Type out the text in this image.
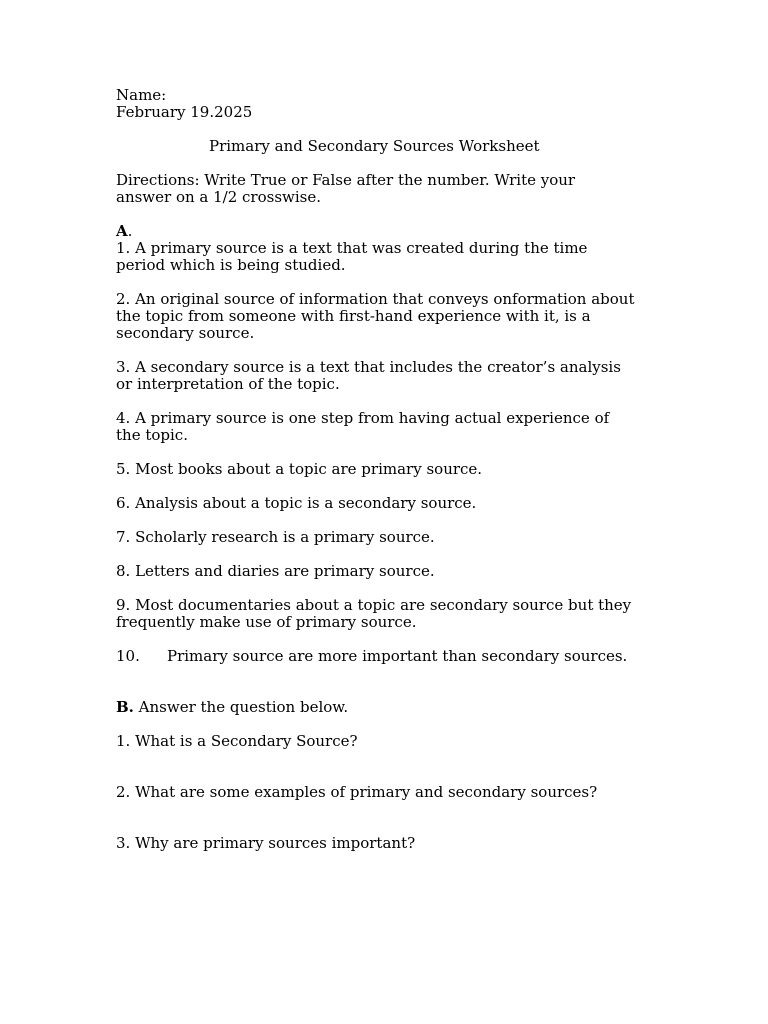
Name:
February 19.2025
Primary and Secondary Sources Worksheet
Directions: Write True or False after the number. Write your
answer on a 1/2 crosswise.
A.
1. A primary source is a text that was created during the time
period which is being studied.
2. An original source of information that conveys onformation about
the topic from someone with first-hand experience with it, is a
secondary source.
3. A secondary source is a text that includes the creator’s analysis
or interpretation of the topic.
4. A primary source is one step from having actual experience of
the topic.
5. Most books about a topic are primary source.
6. Analysis about a topic is a secondary source.
7. Scholarly research is a primary source.
8. Letters and diaries are primary source.
9. Most documentaries about a topic are secondary source but they
frequently make use of primary source.
10. Primary source are more important than secondary sources.
B. Answer the question below.
1. What is a Secondary Source?
2. What are some examples of primary and secondary sources?
3. Why are primary sources important?
